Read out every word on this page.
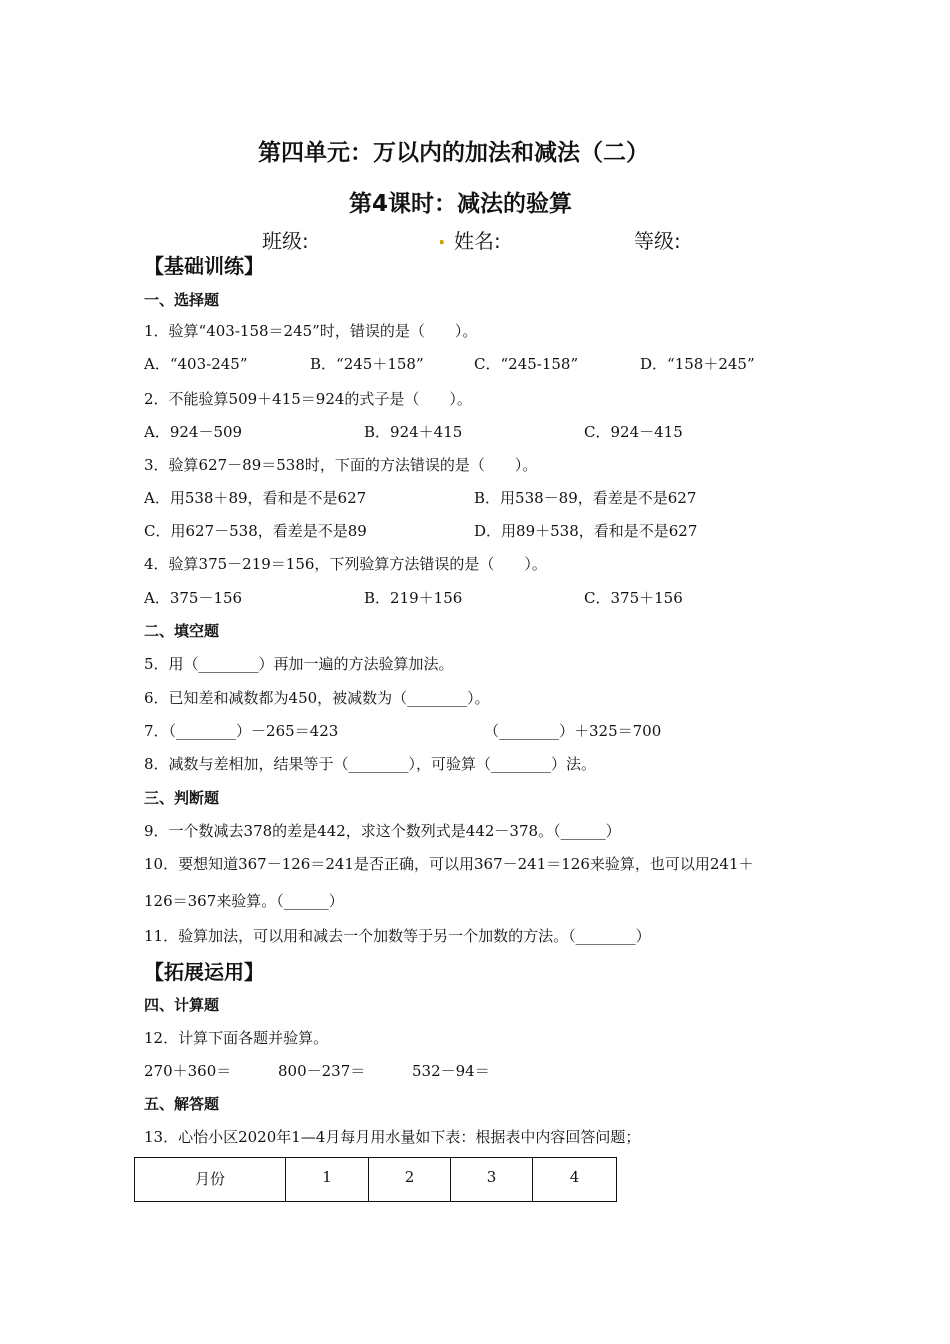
第四单元：万以内的加法和减法（二）
第4课时：减法的验算
班级:	. 姓名:	等级:
【基础训练】
一、选择题
1．验算“403-158＝245”时，错误的是（　　）。
A．“403-245”	B．“245＋158”	C．“245-158”	D．“158＋245”
2．不能验算509＋415＝924的式子是（　　）。
A．924－509	B．924＋415	C．924－415
3．验算627－89＝538时，下面的方法错误的是（　　）。
A．用538＋89，看和是不是627	B．用538－89，看差是不是627
C．用627－538，看差是不是89	D．用89＋538，看和是不是627
4．验算375－219＝156，下列验算方法错误的是（　　）。
A．375－156	B．219＋156	C．375＋156
二、填空题
5．用（________）再加一遍的方法验算加法。
6．已知差和减数都为450，被减数为（________）。
7．（________）－265＝423	（________）＋325＝700
8．减数与差相加，结果等于（________），可验算（________）法。
三、判断题
9．一个数减去378的差是442，求这个数列式是442－378。（______）
10．要想知道367－126＝241是否正确，可以用367－241＝126来验算，也可以用241＋
126＝367来验算。（______）
11．验算加法，可以用和减去一个加数等于另一个加数的方法。（________）
【拓展运用】
四、计算题
12．计算下面各题并验算。
270＋360＝	800－237＝	532－94＝
五、解答题
13．心怡小区2020年1—4月每月用水量如下表：根据表中内容回答问题；
月份	1	2	3	4
